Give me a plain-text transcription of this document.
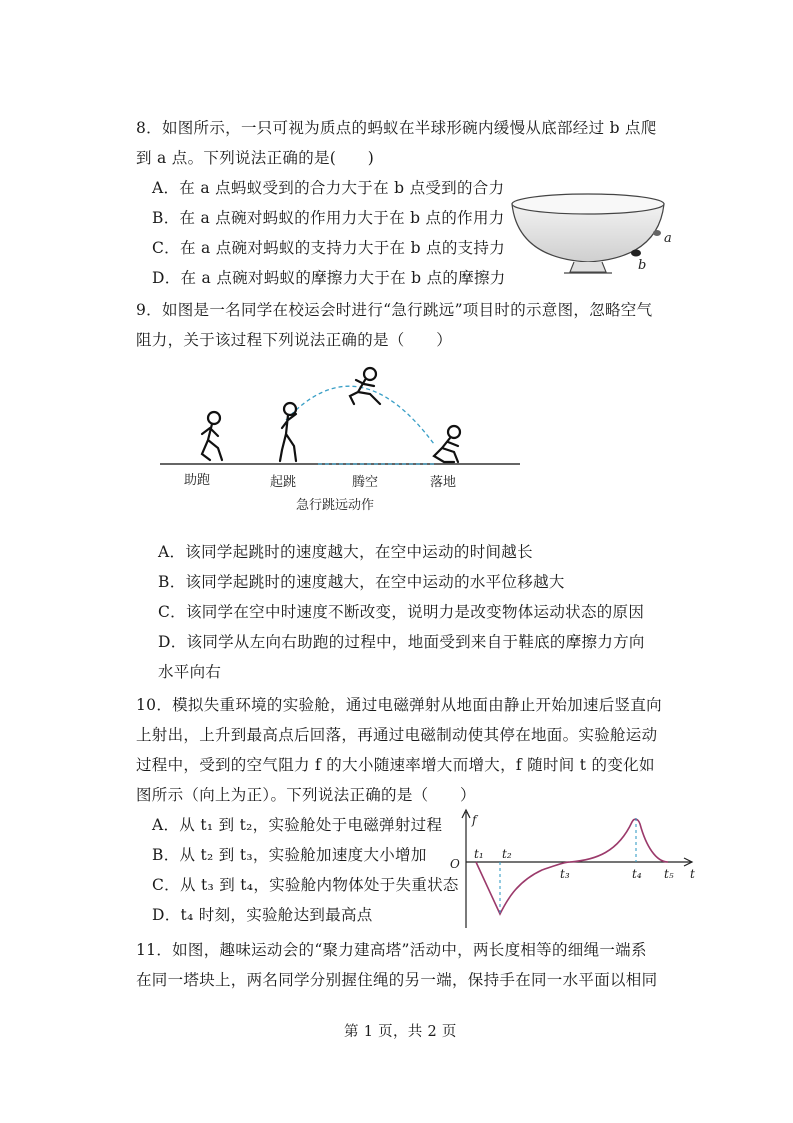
8．如图所示，一只可视为质点的蚂蚁在半球形碗内缓慢从底部经过 b 点爬
到 a 点。下列说法正确的是(　　)
A．在 a 点蚂蚁受到的合力大于在 b 点受到的合力
B．在 a 点碗对蚂蚁的作用力大于在 b 点的作用力
C．在 a 点碗对蚂蚁的支持力大于在 b 点的支持力
D．在 a 点碗对蚂蚁的摩擦力大于在 b 点的摩擦力
a
b
9．如图是一名同学在校运会时进行“急行跳远”项目时的示意图，忽略空气
阻力，关于该过程下列说法正确的是（　　）
助跑	起跳	腾空	落地
急行跳远动作
A．该同学起跳时的速度越大，在空中运动的时间越长
B．该同学起跳时的速度越大，在空中运动的水平位移越大
C．该同学在空中时速度不断改变，说明力是改变物体运动状态的原因
D．该同学从左向右助跑的过程中，地面受到来自于鞋底的摩擦力方向
水平向右
10．模拟失重环境的实验舱，通过电磁弹射从地面由静止开始加速后竖直向
上射出，上升到最高点后回落，再通过电磁制动使其停在地面。实验舱运动
过程中，受到的空气阻力 f 的大小随速率增大而增大，f 随时间 t 的变化如
图所示（向上为正）。下列说法正确的是（　　）
A．从 t₁ 到 t₂，实验舱处于电磁弹射过程
B．从 t₂ 到 t₃，实验舱加速度大小增加
C．从 t₃ 到 t₄，实验舱内物体处于失重状态
D．t₄ 时刻，实验舱达到最高点
f
t
O
t₁ t₂
t₃	t₄ t₅
11．如图，趣味运动会的“聚力建高塔”活动中，两长度相等的细绳一端系
在同一塔块上，两名同学分别握住绳的另一端，保持手在同一水平面以相同
第 1 页，共 2 页
